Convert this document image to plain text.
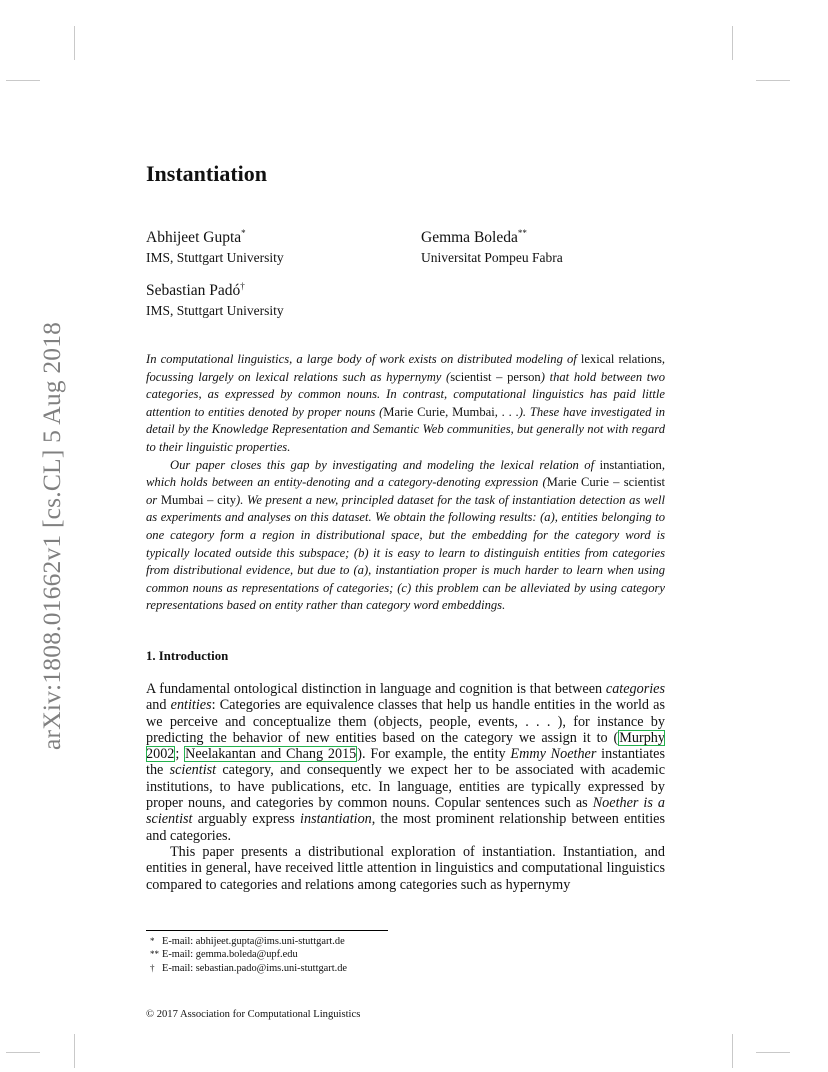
arXiv:1808.01662v1 [cs.CL] 5 Aug 2018
Instantiation
Abhijeet Gupta*
IMS, Stuttgart University
Gemma Boleda**
Universitat Pompeu Fabra
Sebastian Padó†
IMS, Stuttgart University

In computational linguistics, a large body of work exists on distributed modeling of lexical relations, focussing largely on lexical relations such as hypernymy (scientist – person) that hold between two categories, as expressed by common nouns. In contrast, computational linguistics has paid little attention to entities denoted by proper nouns (Marie Curie, Mumbai, . . .). These have investigated in detail by the Knowledge Representation and Semantic Web communities, but generally not with regard to their linguistic properties.

Our paper closes this gap by investigating and modeling the lexical relation of instantiation, which holds between an entity-denoting and a category-denoting expression (Marie Curie – scientist or Mumbai – city). We present a new, principled dataset for the task of instantiation detection as well as experiments and analyses on this dataset. We obtain the following results: (a), entities belonging to one category form a region in distributional space, but the embedding for the category word is typically located outside this subspace; (b) it is easy to learn to distinguish entities from categories from distributional evidence, but due to (a), instantiation proper is much harder to learn when using common nouns as representations of categories; (c) this problem can be alleviated by using category representations based on entity rather than category word embeddings.

1. Introduction

A fundamental ontological distinction in language and cognition is that between categories and entities: Categories are equivalence classes that help us handle entities in the world as we perceive and conceptualize them (objects, people, events, . . . ), for instance by predicting the behavior of new entities based on the category we assign it to (Murphy 2002; Neelakantan and Chang 2015). For example, the entity Emmy Noether instantiates the scientist category, and consequently we expect her to be associated with academic institutions, to have publications, etc. In language, entities are typically expressed by proper nouns, and categories by common nouns. Copular sentences such as Noether is a scientist arguably express instantiation, the most prominent relationship between entities and categories.

This paper presents a distributional exploration of instantiation. Instantiation, and entities in general, have received little attention in linguistics and computational linguistics compared to categories and relations among categories such as hypernymy

* E-mail: abhijeet.gupta@ims.uni-stuttgart.de
** E-mail: gemma.boleda@upf.edu
† E-mail: sebastian.pado@ims.uni-stuttgart.de
© 2017 Association for Computational Linguistics
